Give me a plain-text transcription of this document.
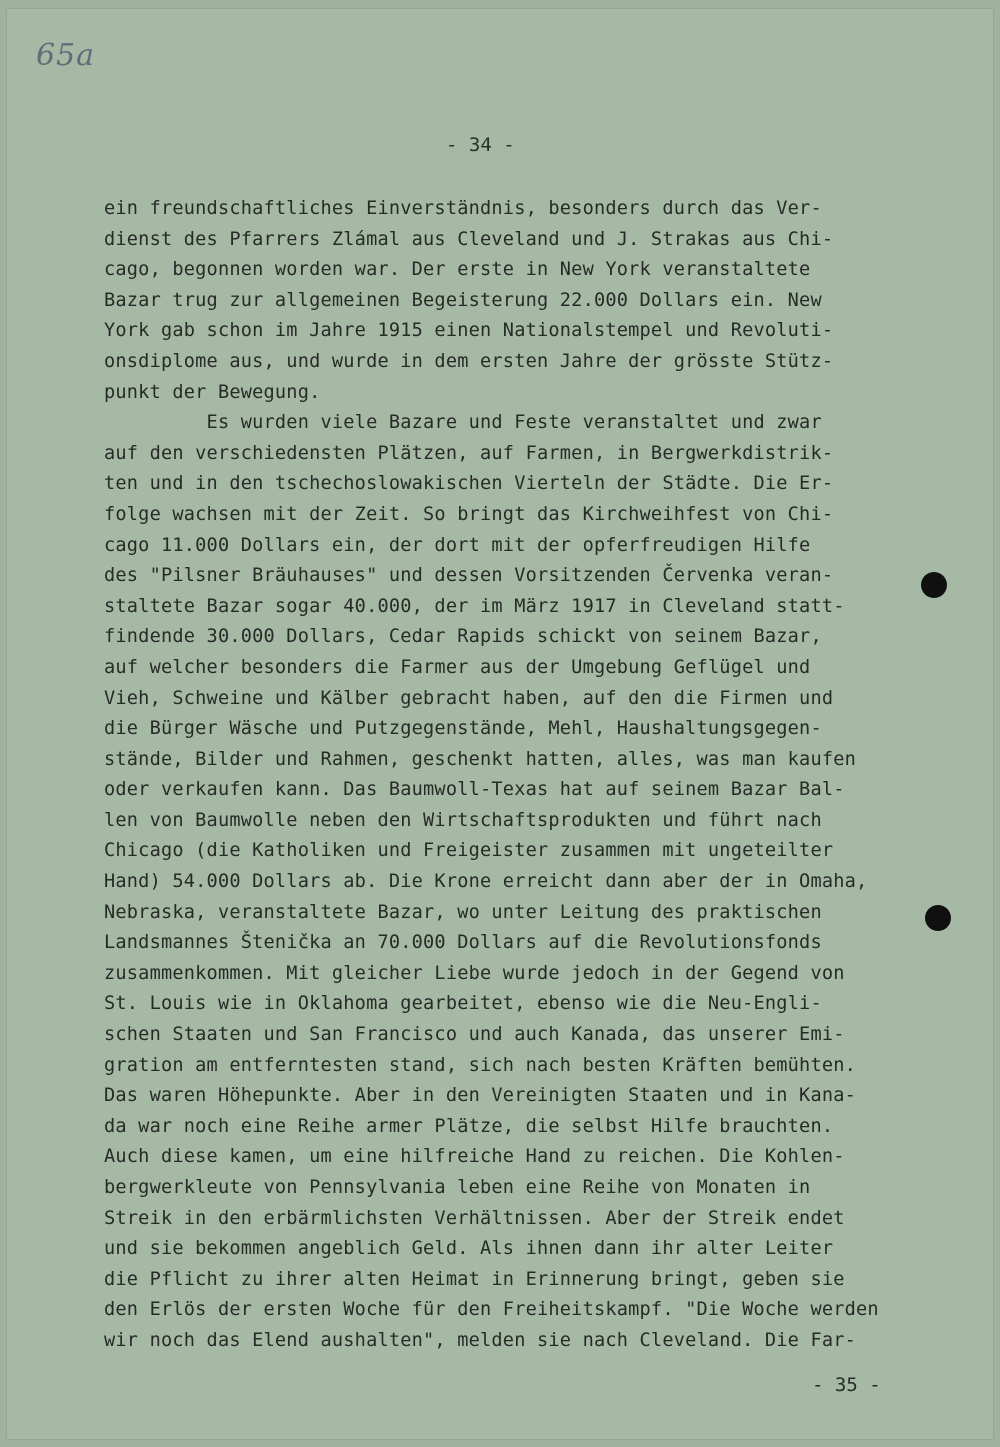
65a
- 34 -
ein freundschaftliches Einverständnis, besonders durch das Ver-
dienst des Pfarrers Zlámal aus Cleveland und J. Strakas aus Chi-
cago, begonnen worden war. Der erste in New York veranstaltete
Bazar trug zur allgemeinen Begeisterung 22.000 Dollars ein. New
York gab schon im Jahre 1915 einen Nationalstempel und Revoluti-
onsdiplome aus, und wurde in dem ersten Jahre der grösste Stütz-
punkt der Bewegung.
Es wurden viele Bazare und Feste veranstaltet und zwar
auf den verschiedensten Plätzen, auf Farmen, in Bergwerkdistrik-
ten und in den tschechoslowakischen Vierteln der Städte. Die Er-
folge wachsen mit der Zeit. So bringt das Kirchweihfest von Chi-
cago 11.000 Dollars ein, der dort mit der opferfreudigen Hilfe
des "Pilsner Bräuhauses" und dessen Vorsitzenden Červenka veran-
staltete Bazar sogar 40.000, der im März 1917 in Cleveland statt-
findende 30.000 Dollars, Cedar Rapids schickt von seinem Bazar,
auf welcher besonders die Farmer aus der Umgebung Geflügel und
Vieh, Schweine und Kälber gebracht haben, auf den die Firmen und
die Bürger Wäsche und Putzgegenstände, Mehl, Haushaltungsgegen-
stände, Bilder und Rahmen, geschenkt hatten, alles, was man kaufen
oder verkaufen kann. Das Baumwoll-Texas hat auf seinem Bazar Bal-
len von Baumwolle neben den Wirtschaftsprodukten und führt nach
Chicago (die Katholiken und Freigeister zusammen mit ungeteilter
Hand) 54.000 Dollars ab. Die Krone erreicht dann aber der in Omaha,
Nebraska, veranstaltete Bazar, wo unter Leitung des praktischen
Landsmannes Štenička an 70.000 Dollars auf die Revolutionsfonds
zusammenkommen. Mit gleicher Liebe wurde jedoch in der Gegend von
St. Louis wie in Oklahoma gearbeitet, ebenso wie die Neu-Engli-
schen Staaten und San Francisco und auch Kanada, das unserer Emi-
gration am entferntesten stand, sich nach besten Kräften bemühten.
Das waren Höhepunkte. Aber in den Vereinigten Staaten und in Kana-
da war noch eine Reihe armer Plätze, die selbst Hilfe brauchten.
Auch diese kamen, um eine hilfreiche Hand zu reichen. Die Kohlen-
bergwerkleute von Pennsylvania leben eine Reihe von Monaten in
Streik in den erbärmlichsten Verhältnissen. Aber der Streik endet
und sie bekommen angeblich Geld. Als ihnen dann ihr alter Leiter
die Pflicht zu ihrer alten Heimat in Erinnerung bringt, geben sie
den Erlös der ersten Woche für den Freiheitskampf. "Die Woche werden
wir noch das Elend aushalten", melden sie nach Cleveland. Die Far-
- 35 -
